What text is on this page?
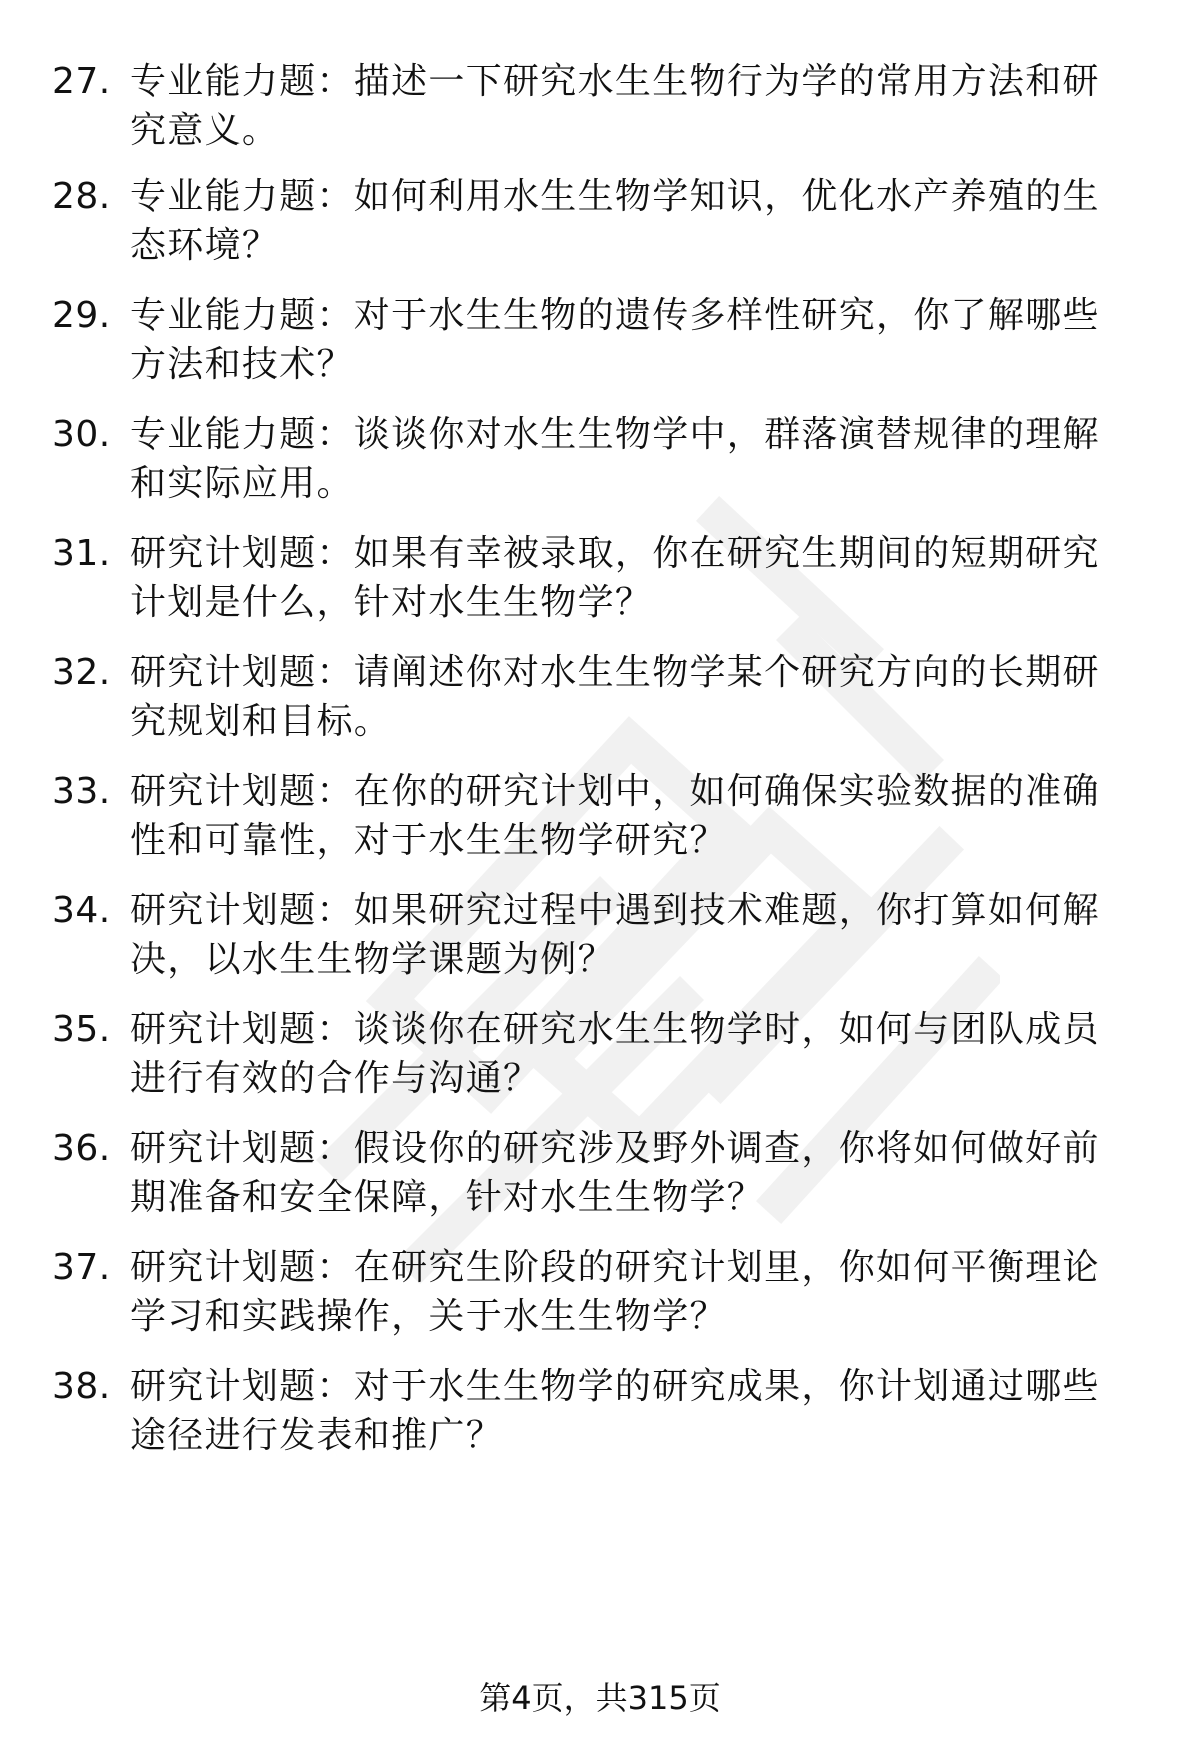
27. 专业能力题：描述一下研究水生生物行为学的常用方法和研究意义。
28. 专业能力题：如何利用水生生物学知识，优化水产养殖的生态环境？
29. 专业能力题：对于水生生物的遗传多样性研究，你了解哪些方法和技术？
30. 专业能力题：谈谈你对水生生物学中，群落演替规律的理解和实际应用。
31. 研究计划题：如果有幸被录取，你在研究生期间的短期研究计划是什么，针对水生生物学？
32. 研究计划题：请阐述你对水生生物学某个研究方向的长期研究规划和目标。
33. 研究计划题：在你的研究计划中，如何确保实验数据的准确性和可靠性，对于水生生物学研究？
34. 研究计划题：如果研究过程中遇到技术难题，你打算如何解决，以水生生物学课题为例？
35. 研究计划题：谈谈你在研究水生生物学时，如何与团队成员进行有效的合作与沟通？
36. 研究计划题：假设你的研究涉及野外调查，你将如何做好前期准备和安全保障，针对水生生物学？
37. 研究计划题：在研究生阶段的研究计划里，你如何平衡理论学习和实践操作，关于水生生物学？
38. 研究计划题：对于水生生物学的研究成果，你计划通过哪些途径进行发表和推广？
第4页，共315页
